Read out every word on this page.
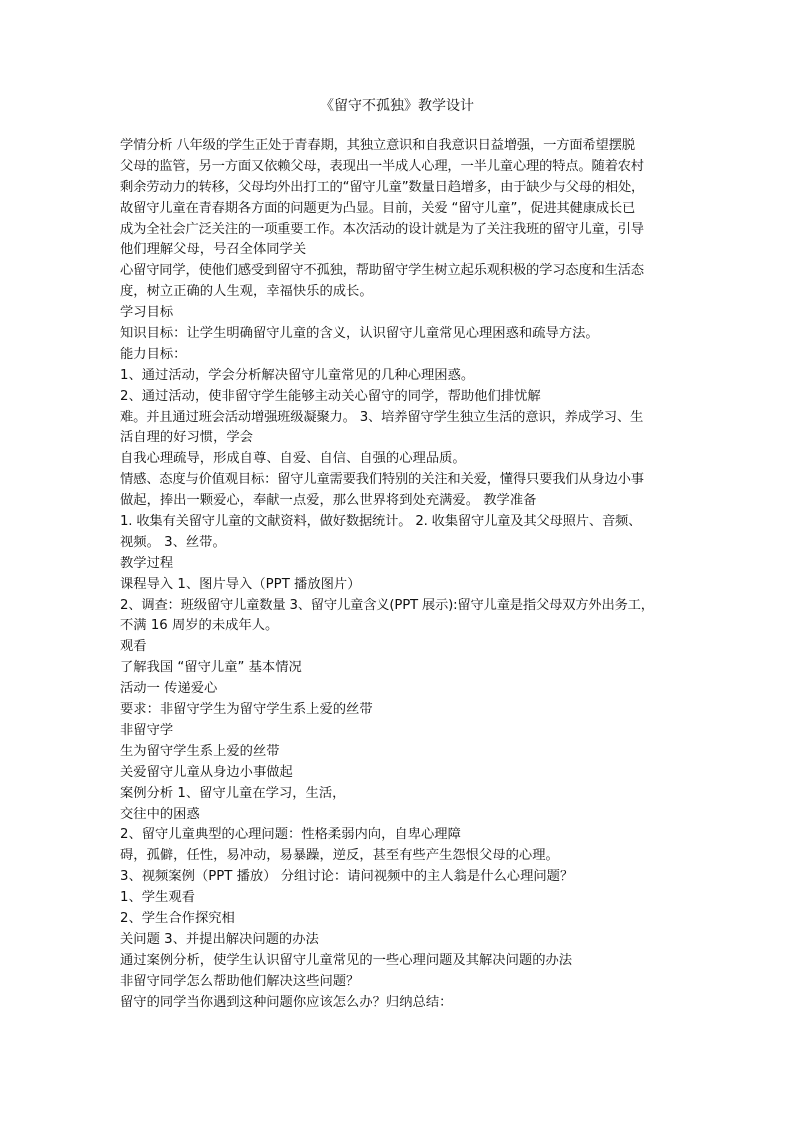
《留守不孤独》教学设计
学情分析 八年级的学生正处于青春期，其独立意识和自我意识日益增强，一方面希望摆脱
父母的监管，另一方面又依赖父母，表现出一半成人心理，一半儿童心理的特点。随着农村
剩余劳动力的转移，父母均外出打工的“留守儿童”数量日趋增多，由于缺少与父母的相处，
故留守儿童在青春期各方面的问题更为凸显。目前，关爱 “留守儿童”，促进其健康成长已
成为全社会广泛关注的一项重要工作。本次活动的设计就是为了关注我班的留守儿童，引导
他们理解父母，号召全体同学关
心留守同学，使他们感受到留守不孤独，帮助留守学生树立起乐观积极的学习态度和生活态
度，树立正确的人生观，幸福快乐的成长。
学习目标
知识目标：让学生明确留守儿童的含义，认识留守儿童常见心理困惑和疏导方法。
能力目标：
1、通过活动，学会分析解决留守儿童常见的几种心理困惑。
2、通过活动，使非留守学生能够主动关心留守的同学，帮助他们排忧解
难。并且通过班会活动增强班级凝聚力。 3、培养留守学生独立生活的意识，养成学习、生
活自理的好习惯，学会
自我心理疏导，形成自尊、自爱、自信、自强的心理品质。
情感、态度与价值观目标：留守儿童需要我们特别的关注和关爱，懂得只要我们从身边小事
做起，捧出一颗爱心，奉献一点爱，那么世界将到处充满爱。 教学准备
1. 收集有关留守儿童的文献资料，做好数据统计。 2. 收集留守儿童及其父母照片、音频、
视频。 3、丝带。
教学过程
课程导入 1、图片导入（PPT 播放图片）
2、调查：班级留守儿童数量 3、留守儿童含义(PPT 展示):留守儿童是指父母双方外出务工，
不满 16 周岁的未成年人。
观看
了解我国 “留守儿童” 基本情况
活动一 传递爱心
要求：非留守学生为留守学生系上爱的丝带
非留守学
生为留守学生系上爱的丝带
关爱留守儿童从身边小事做起
案例分析 1、留守儿童在学习，生活，
交往中的困惑
2、留守儿童典型的心理问题：性格柔弱内向，自卑心理障
碍，孤僻，任性，易冲动，易暴躁，逆反，甚至有些产生怨恨父母的心理。
3、视频案例（PPT 播放） 分组讨论：请问视频中的主人翁是什么心理问题？
1、学生观看
2、学生合作探究相
关问题 3、并提出解决问题的办法
通过案例分析，使学生认识留守儿童常见的一些心理问题及其解决问题的办法
非留守同学怎么帮助他们解决这些问题？
留守的同学当你遇到这种问题你应该怎么办？归纳总结：
